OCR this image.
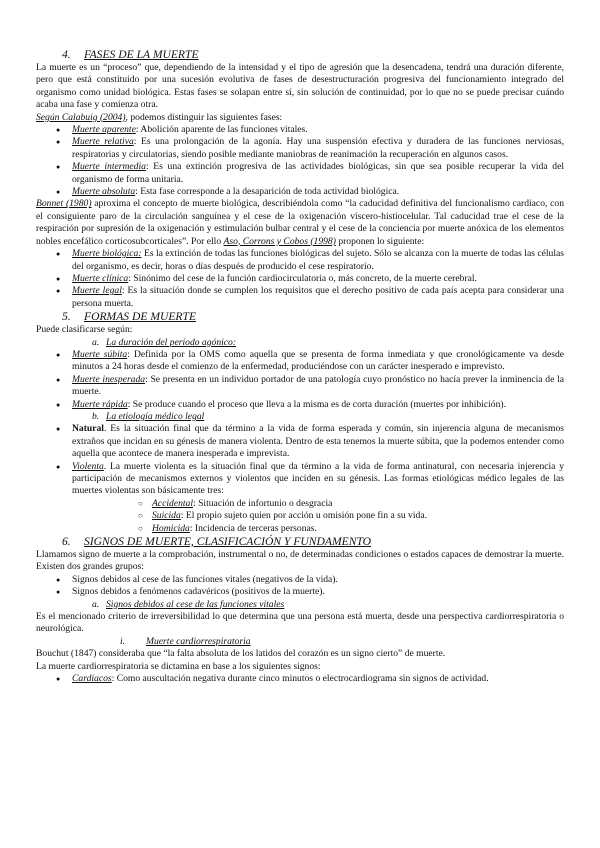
4. FASES DE LA MUERTE

La muerte es un “proceso” que, dependiendo de la intensidad y el tipo de agresión que la desencadena, tendrá una duración diferente, pero que está constituido por una sucesión evolutiva de fases de desestructuración progresiva del funcionamiento integrado del organismo como unidad biológica. Estas fases se solapan entre sí, sin solución de continuidad, por lo que no se puede precisar cuándo acaba una fase y comienza otra.

Según Calabuig (2004), podemos distinguir las siguientes fases:

● Muerte aparente: Abolición aparente de las funciones vitales.
● Muerte relativa: Es una prolongación de la agonía. Hay una suspensión efectiva y duradera de las funciones nerviosas, respiratorias y circulatorias, siendo posible mediante maniobras de reanimación la recuperación en algunos casos.
● Muerte intermedia: Es una extinción progresiva de las actividades biológicas, sin que sea posible recuperar la vida del organismo de forma unitaria.
● Muerte absoluta: Esta fase corresponde a la desaparición de toda actividad biológica.

Bonnet (1980) aproxima el concepto de muerte biológica, describiéndola como “la caducidad definitiva del funcionalismo cardiaco, con el consiguiente paro de la circulación sanguínea y el cese de la oxigenación víscero-histiocelular. Tal caducidad trae el cese de la respiración por supresión de la oxigenación y estimulación bulbar central y el cese de la conciencia por muerte anóxica de los elementos nobles encefálico corticosubcorticales”. Por ello Aso, Corrons y Cobos (1998) proponen lo siguiente:

● Muerte biológica: Es la extinción de todas las funciones biológicas del sujeto. Sólo se alcanza con la muerte de todas las células del organismo, es decir, horas o días después de producido el cese respiratorio.
● Muerte clínica: Sinónimo del cese de la función cardiocirculatoria o, más concreto, de la muerte cerebral.
● Muerte legal: Es la situación donde se cumplen los requisitos que el derecho positivo de cada país acepta para considerar una persona muerta.

5. FORMAS DE MUERTE

Puede clasificarse según:

a. La duración del período agónico:

● Muerte súbita: Definida por la OMS como aquella que se presenta de forma inmediata y que cronológicamente va desde minutos a 24 horas desde el comienzo de la enfermedad, produciéndose con un carácter inesperado e imprevisto.
● Muerte inesperada: Se presenta en un individuo portador de una patología cuyo pronóstico no hacía prever la inminencia de la muerte.
● Muerte rápida: Se produce cuando el proceso que lleva a la misma es de corta duración (muertes por inhibición).

b. La etiología médico legal

● Natural. Es la situación final que da término a la vida de forma esperada y común, sin injerencia alguna de mecanismos extraños que incidan en su génesis de manera violenta. Dentro de esta tenemos la muerte súbita, que la podemos entender como aquella que acontece de manera inesperada e imprevista.
● Violenta. La muerte violenta es la situación final que da término a la vida de forma antinatural, con necesaria injerencia y participación de mecanismos externos y violentos que inciden en su génesis. Las formas etiológicas médico legales de las muertes violentas son básicamente tres:
○ Accidental: Situación de infortunio o desgracia
○ Suicida: El propio sujeto quien por acción u omisión pone fin a su vida.
○ Homicida: Incidencia de terceras personas.

6. SIGNOS DE MUERTE, CLASIFICACIÓN Y FUNDAMENTO

Llamamos signo de muerte a la comprobación, instrumental o no, de determinadas condiciones o estados capaces de demostrar la muerte. Existen dos grandes grupos:

● Signos debidos al cese de las funciones vitales (negativos de la vida).
● Signos debidos a fenómenos cadavéricos (positivos de la muerte).

a. Signos debidos al cese de las funciones vitales

Es el mencionado criterio de irreversibilidad lo que determina que una persona está muerta, desde una perspectiva cardiorrespiratoria o neurológica.

i. Muerte cardiorrespiratoria

Bouchut (1847) consideraba que “la falta absoluta de los latidos del corazón es un signo cierto” de muerte.

La muerte cardiorrespiratoria se dictamina en base a los siguientes signos:

● Cardíacos: Como auscultación negativa durante cinco minutos o electrocardiograma sin signos de actividad.
